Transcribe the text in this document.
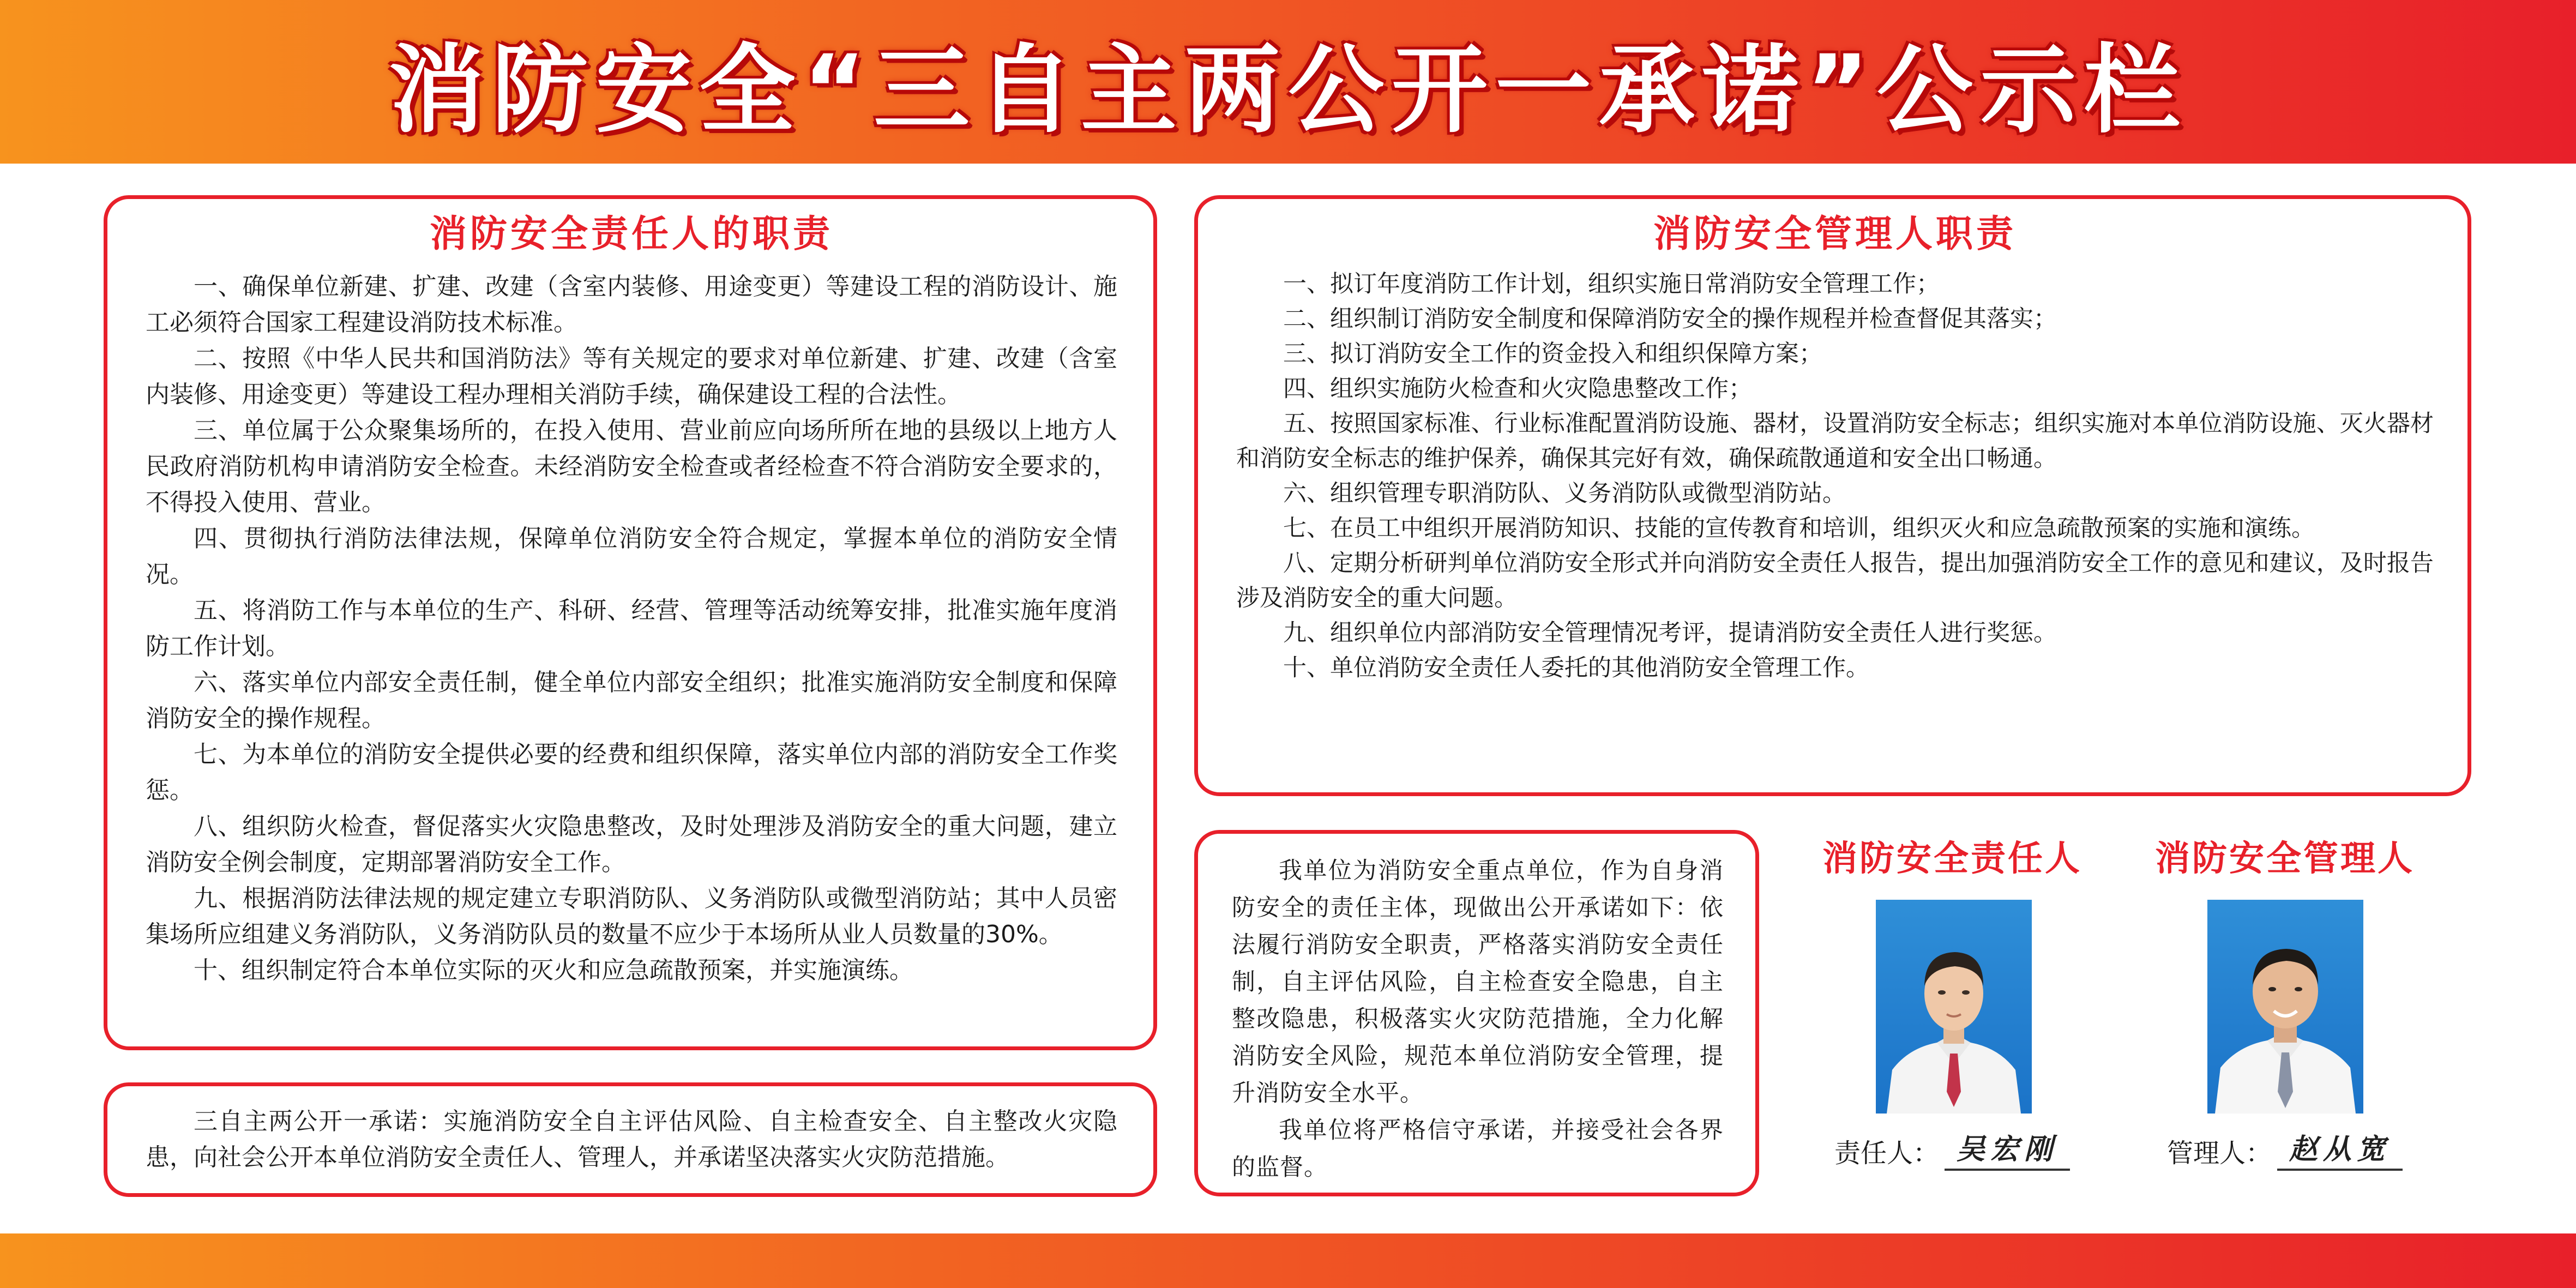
消防安全“三自主两公开一承诺”公示栏
消防安全责任人的职责

一、确保单位新建、扩建、改建（含室内装修、用途变更）等建设工程的消防设计、施工必须符合国家工程建设消防技术标准。

二、按照《中华人民共和国消防法》等有关规定的要求对单位新建、扩建、改建（含室内装修、用途变更）等建设工程办理相关消防手续，确保建设工程的合法性。

三、单位属于公众聚集场所的，在投入使用、营业前应向场所所在地的县级以上地方人民政府消防机构申请消防安全检查。未经消防安全检查或者经检查不符合消防安全要求的，不得投入使用、营业。

四、贯彻执行消防法律法规，保障单位消防安全符合规定，掌握本单位的消防安全情况。

五、将消防工作与本单位的生产、科研、经营、管理等活动统筹安排，批准实施年度消防工作计划。

六、落实单位内部安全责任制，健全单位内部安全组织；批准实施消防安全制度和保障消防安全的操作规程。

七、为本单位的消防安全提供必要的经费和组织保障，落实单位内部的消防安全工作奖惩。

八、组织防火检查，督促落实火灾隐患整改，及时处理涉及消防安全的重大问题，建立消防安全例会制度，定期部署消防安全工作。

九、根据消防法律法规的规定建立专职消防队、义务消防队或微型消防站；其中人员密集场所应组建义务消防队，义务消防队员的数量不应少于本场所从业人员数量的30%。

十、组织制定符合本单位实际的灭火和应急疏散预案，并实施演练。

三自主两公开一承诺：实施消防安全自主评估风险、自主检查安全、自主整改火灾隐患，向社会公开本单位消防安全责任人、管理人，并承诺坚决落实火灾防范措施。

消防安全管理人职责

一、拟订年度消防工作计划，组织实施日常消防安全管理工作；

二、组织制订消防安全制度和保障消防安全的操作规程并检查督促其落实；

三、拟订消防安全工作的资金投入和组织保障方案；

四、组织实施防火检查和火灾隐患整改工作；

五、按照国家标准、行业标准配置消防设施、器材，设置消防安全标志；组织实施对本单位消防设施、灭火器材和消防安全标志的维护保养，确保其完好有效，确保疏散通道和安全出口畅通。

六、组织管理专职消防队、义务消防队或微型消防站。

七、在员工中组织开展消防知识、技能的宣传教育和培训，组织灭火和应急疏散预案的实施和演练。

八、定期分析研判单位消防安全形式并向消防安全责任人报告，提出加强消防安全工作的意见和建议，及时报告涉及消防安全的重大问题。

九、组织单位内部消防安全管理情况考评，提请消防安全责任人进行奖惩。

十、单位消防安全责任人委托的其他消防安全管理工作。

我单位为消防安全重点单位，作为自身消防安全的责任主体，现做出公开承诺如下：依法履行消防安全职责，严格落实消防安全责任制，自主评估风险，自主检查安全隐患，自主整改隐患，积极落实火灾防范措施，全力化解消防安全风险，规范本单位消防安全管理，提升消防安全水平。

我单位将严格信守承诺，并接受社会各界的监督。

消防安全责任人
责任人： 吴宏刚
消防安全管理人
管理人： 赵从宽
